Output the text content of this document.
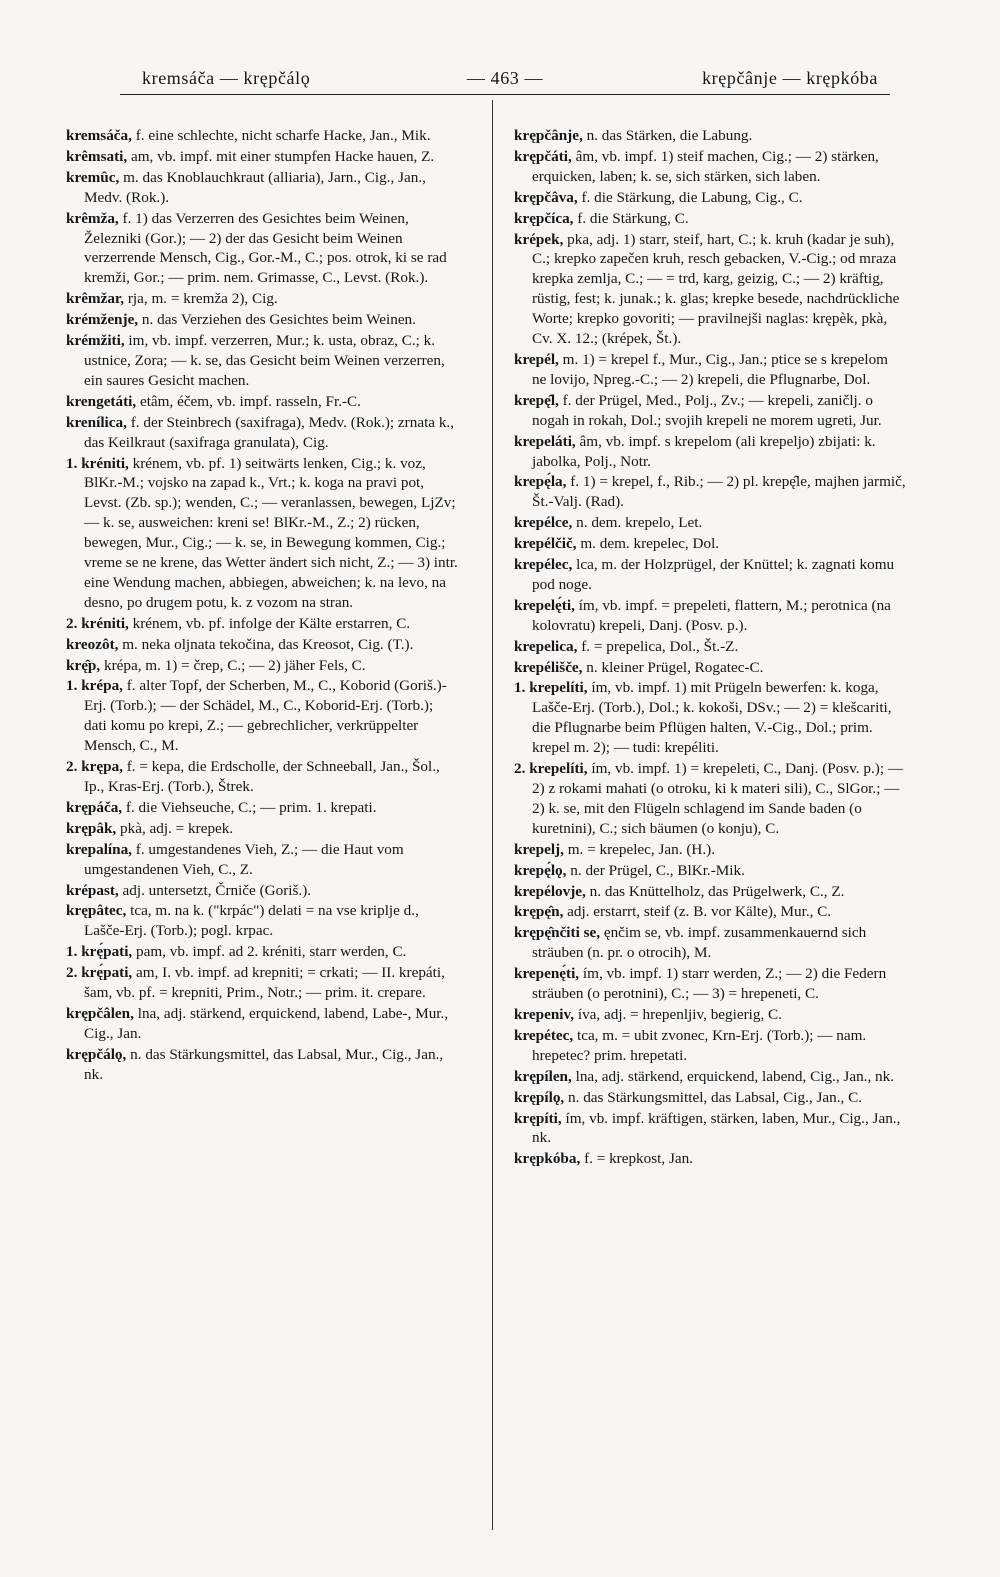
kremsáča — krępčálǫ	— 463 —	krępčânje — krępkóba

kremsáča, f. eine schlechte, nicht scharfe Hacke, Jan., Mik.

krêmsati, am, vb. impf. mit einer stumpfen Hacke hauen, Z.

kremûc, m. das Knoblauchkraut (alliaria), Jarn., Cig., Jan., Medv. (Rok.).

krêmža, f. 1) das Verzerren des Gesichtes beim Weinen, Železniki (Gor.); — 2) der das Gesicht beim Weinen verzerrende Mensch, Cig., Gor.-M., C.; pos. otrok, ki se rad kremži, Gor.; — prim. nem. Grimasse, C., Levst. (Rok.).

krêmžar, rja, m. = kremža 2), Cig.

krémženje, n. das Verziehen des Gesichtes beim Weinen.

krémžiti, im, vb. impf. verzerren, Mur.; k. usta, obraz, C.; k. ustnice, Zora; — k. se, das Gesicht beim Weinen verzerren, ein saures Gesicht machen.

krengetáti, etâm, éčem, vb. impf. rasseln, Fr.-C.

krenílica, f. der Steinbrech (saxifraga), Medv. (Rok.); zrnata k., das Keilkraut (saxifraga granulata), Cig.

1. kréniti, krénem, vb. pf. 1) seitwärts lenken, Cig.; k. voz, BlKr.-M.; vojsko na zapad k., Vrt.; k. koga na pravi pot, Levst. (Zb. sp.); wenden, C.; — veranlassen, bewegen, LjZv; — k. se, ausweichen: kreni se! BlKr.-M., Z.; 2) rücken, bewegen, Mur., Cig.; — k. se, in Bewegung kommen, Cig.; vreme se ne krene, das Wetter ändert sich nicht, Z.; — 3) intr. eine Wendung machen, abbiegen, abweichen; k. na levo, na desno, po drugem potu, k. z vozom na stran.

2. kréniti, krénem, vb. pf. infolge der Kälte erstarren, C.

kreozôt, m. neka oljnata tekočina, das Kreosot, Cig. (T.).

krę̂p, krépa, m. 1) = črep, C.; — 2) jäher Fels, C.

1. krépa, f. alter Topf, der Scherben, M., C., Koborid (Goriš.)-Erj. (Torb.); — der Schädel, M., C., Koborid-Erj. (Torb.); dati komu po krepi, Z.; — gebrechlicher, verkrüppelter Mensch, C., M.

2. krępa, f. = kepa, die Erdscholle, der Schneeball, Jan., Šol., Ip., Kras-Erj. (Torb.), Štrek.

krępáča, f. die Viehseuche, C.; — prim. 1. krepati.

krępâk, pkà, adj. = krepek.

krepalína, f. umgestandenes Vieh, Z.; — die Haut vom umgestandenen Vieh, C., Z.

krépast, adj. untersetzt, Črniče (Goriš.).

krępâtec, tca, m. na k. ("krpác") delati = na vse kriplje d., Lašče-Erj. (Torb.); pogl. krpac.

1. krę́pati, pam, vb. impf. ad 2. kréniti, starr werden, C.

2. krę́pati, am, I. vb. impf. ad krepniti; = crkati; — II. krepáti, šam, vb. pf. = krepniti, Prim., Notr.; — prim. it. crepare.

krępčâlen, lna, adj. stärkend, erquickend, labend, Labe-, Mur., Cig., Jan.

krępčálǫ, n. das Stärkungsmittel, das Labsal, Mur., Cig., Jan., nk.

krępčânje, n. das Stärken, die Labung.

krępčáti, âm, vb. impf. 1) steif machen, Cig.; — 2) stärken, erquicken, laben; k. se, sich stärken, sich laben.

krępčâva, f. die Stärkung, die Labung, Cig., C.

krępčíca, f. die Stärkung, C.

krépek, pka, adj. 1) starr, steif, hart, C.; k. kruh (kadar je suh), C.; krepko zapečen kruh, resch gebacken, V.-Cig.; od mraza krepka zemlja, C.; — = trd, karg, geizig, C.; — 2) kräftig, rüstig, fest; k. junak.; k. glas; krepke besede, nachdrückliche Worte; krepko govoriti; — pravilnejši naglas: krępèk, pkà, Cv. X. 12.; (krépek, Št.).

krepél, m. 1) = krepel f., Mur., Cig., Jan.; ptice se s krepelom ne lovijo, Npreg.-C.; — 2) krepeli, die Pflugnarbe, Dol.

krepę̂l, f. der Prügel, Med., Polj., Zv.; — krepeli, zaničlj. o nogah in rokah, Dol.; svojih krepeli ne morem ugreti, Jur.

krepeláti, âm, vb. impf. s krepelom (ali krepeljo) zbijati: k. jabolka, Polj., Notr.

krepę́la, f. 1) = krepel, f., Rib.; — 2) pl. krepę̂le, majhen jarmič, Št.-Valj. (Rad).

krepélce, n. dem. krepelo, Let.

krepélčič, m. dem. krepelec, Dol.

krepélec, lca, m. der Holzprügel, der Knüttel; k. zagnati komu pod noge.

krepelę́ti, ím, vb. impf. = prepeleti, flattern, M.; perotnica (na kolovratu) krepeli, Danj. (Posv. p.).

krepelica, f. = prepelica, Dol., Št.-Z.

krepélišče, n. kleiner Prügel, Rogatec-C.

1. krepelíti, ím, vb. impf. 1) mit Prügeln bewerfen: k. koga, Lašče-Erj. (Torb.), Dol.; k. kokoši, DSv.; — 2) = klešcariti, die Pflugnarbe beim Pflügen halten, V.-Cig., Dol.; prim. krepel m. 2); — tudi: krepéliti.

2. krepelíti, ím, vb. impf. 1) = krepeleti, C., Danj. (Posv. p.); — 2) z rokami mahati (o otroku, ki k materi sili), C., SlGor.; — 2) k. se, mit den Flügeln schlagend im Sande baden (o kuretnini), C.; sich bäumen (o konju), C.

krepelj, m. = krepelec, Jan. (H.).

krepę́lǫ, n. der Prügel, C., BlKr.-Mik.

krepélovje, n. das Knüttelholz, das Prügelwerk, C., Z.

krępę̂n, adj. erstarrt, steif (z. B. vor Kälte), Mur., C.

krępę̂nčiti se, ęnčim se, vb. impf. zusammenkauernd sich sträuben (n. pr. o otrocih), M.

krepenę́ti, ím, vb. impf. 1) starr werden, Z.; — 2) die Federn sträuben (o perotnini), C.; — 3) = hrepeneti, C.

krepeniv, íva, adj. = hrepenljiv, begierig, C.

krepétec, tca, m. = ubit zvonec, Krn-Erj. (Torb.); — nam. hrepetec? prim. hrepetati.

krępílen, lna, adj. stärkend, erquickend, labend, Cig., Jan., nk.

krępílǫ, n. das Stärkungsmittel, das Labsal, Cig., Jan., C.

krępíti, ím, vb. impf. kräftigen, stärken, laben, Mur., Cig., Jan., nk.

krępkóba, f. = krepkost, Jan.
